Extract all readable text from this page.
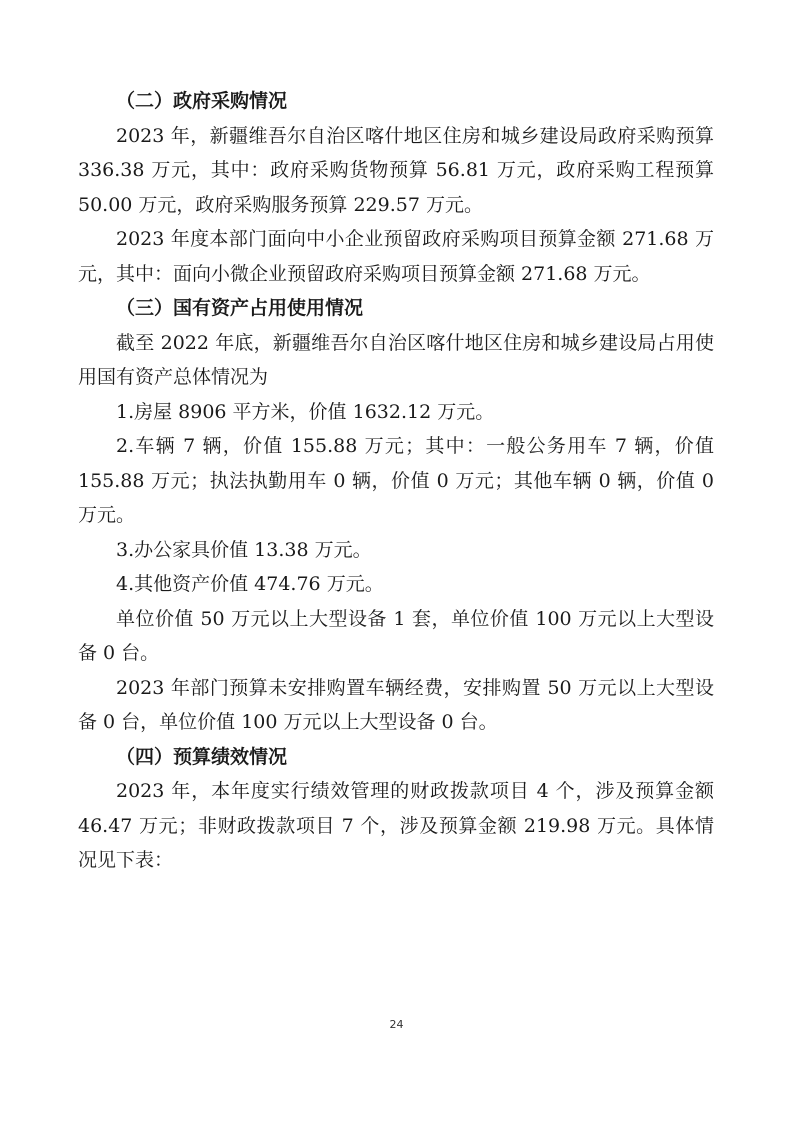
（二）政府采购情况

2023 年，新疆维吾尔自治区喀什地区住房和城乡建设局政府采购预算 336.38 万元，其中：政府采购货物预算 56.81 万元，政府采购工程预算 50.00 万元，政府采购服务预算 229.57 万元。

2023 年度本部门面向中小企业预留政府采购项目预算金额 271.68 万元，其中：面向小微企业预留政府采购项目预算金额 271.68 万元。

（三）国有资产占用使用情况

截至 2022 年底，新疆维吾尔自治区喀什地区住房和城乡建设局占用使用国有资产总体情况为

1.房屋 8906 平方米，价值 1632.12 万元。

2.车辆 7 辆，价值 155.88 万元；其中：一般公务用车 7 辆，价值 155.88 万元；执法执勤用车 0 辆，价值 0 万元；其他车辆 0 辆，价值 0 万元。

3.办公家具价值 13.38 万元。

4.其他资产价值 474.76 万元。

单位价值 50 万元以上大型设备 1 套，单位价值 100 万元以上大型设备 0 台。

2023 年部门预算未安排购置车辆经费，安排购置 50 万元以上大型设备 0 台，单位价值 100 万元以上大型设备 0 台。

（四）预算绩效情况

2023 年，本年度实行绩效管理的财政拨款项目 4 个，涉及预算金额 46.47 万元；非财政拨款项目 7 个，涉及预算金额 219.98 万元。具体情况见下表：

24
